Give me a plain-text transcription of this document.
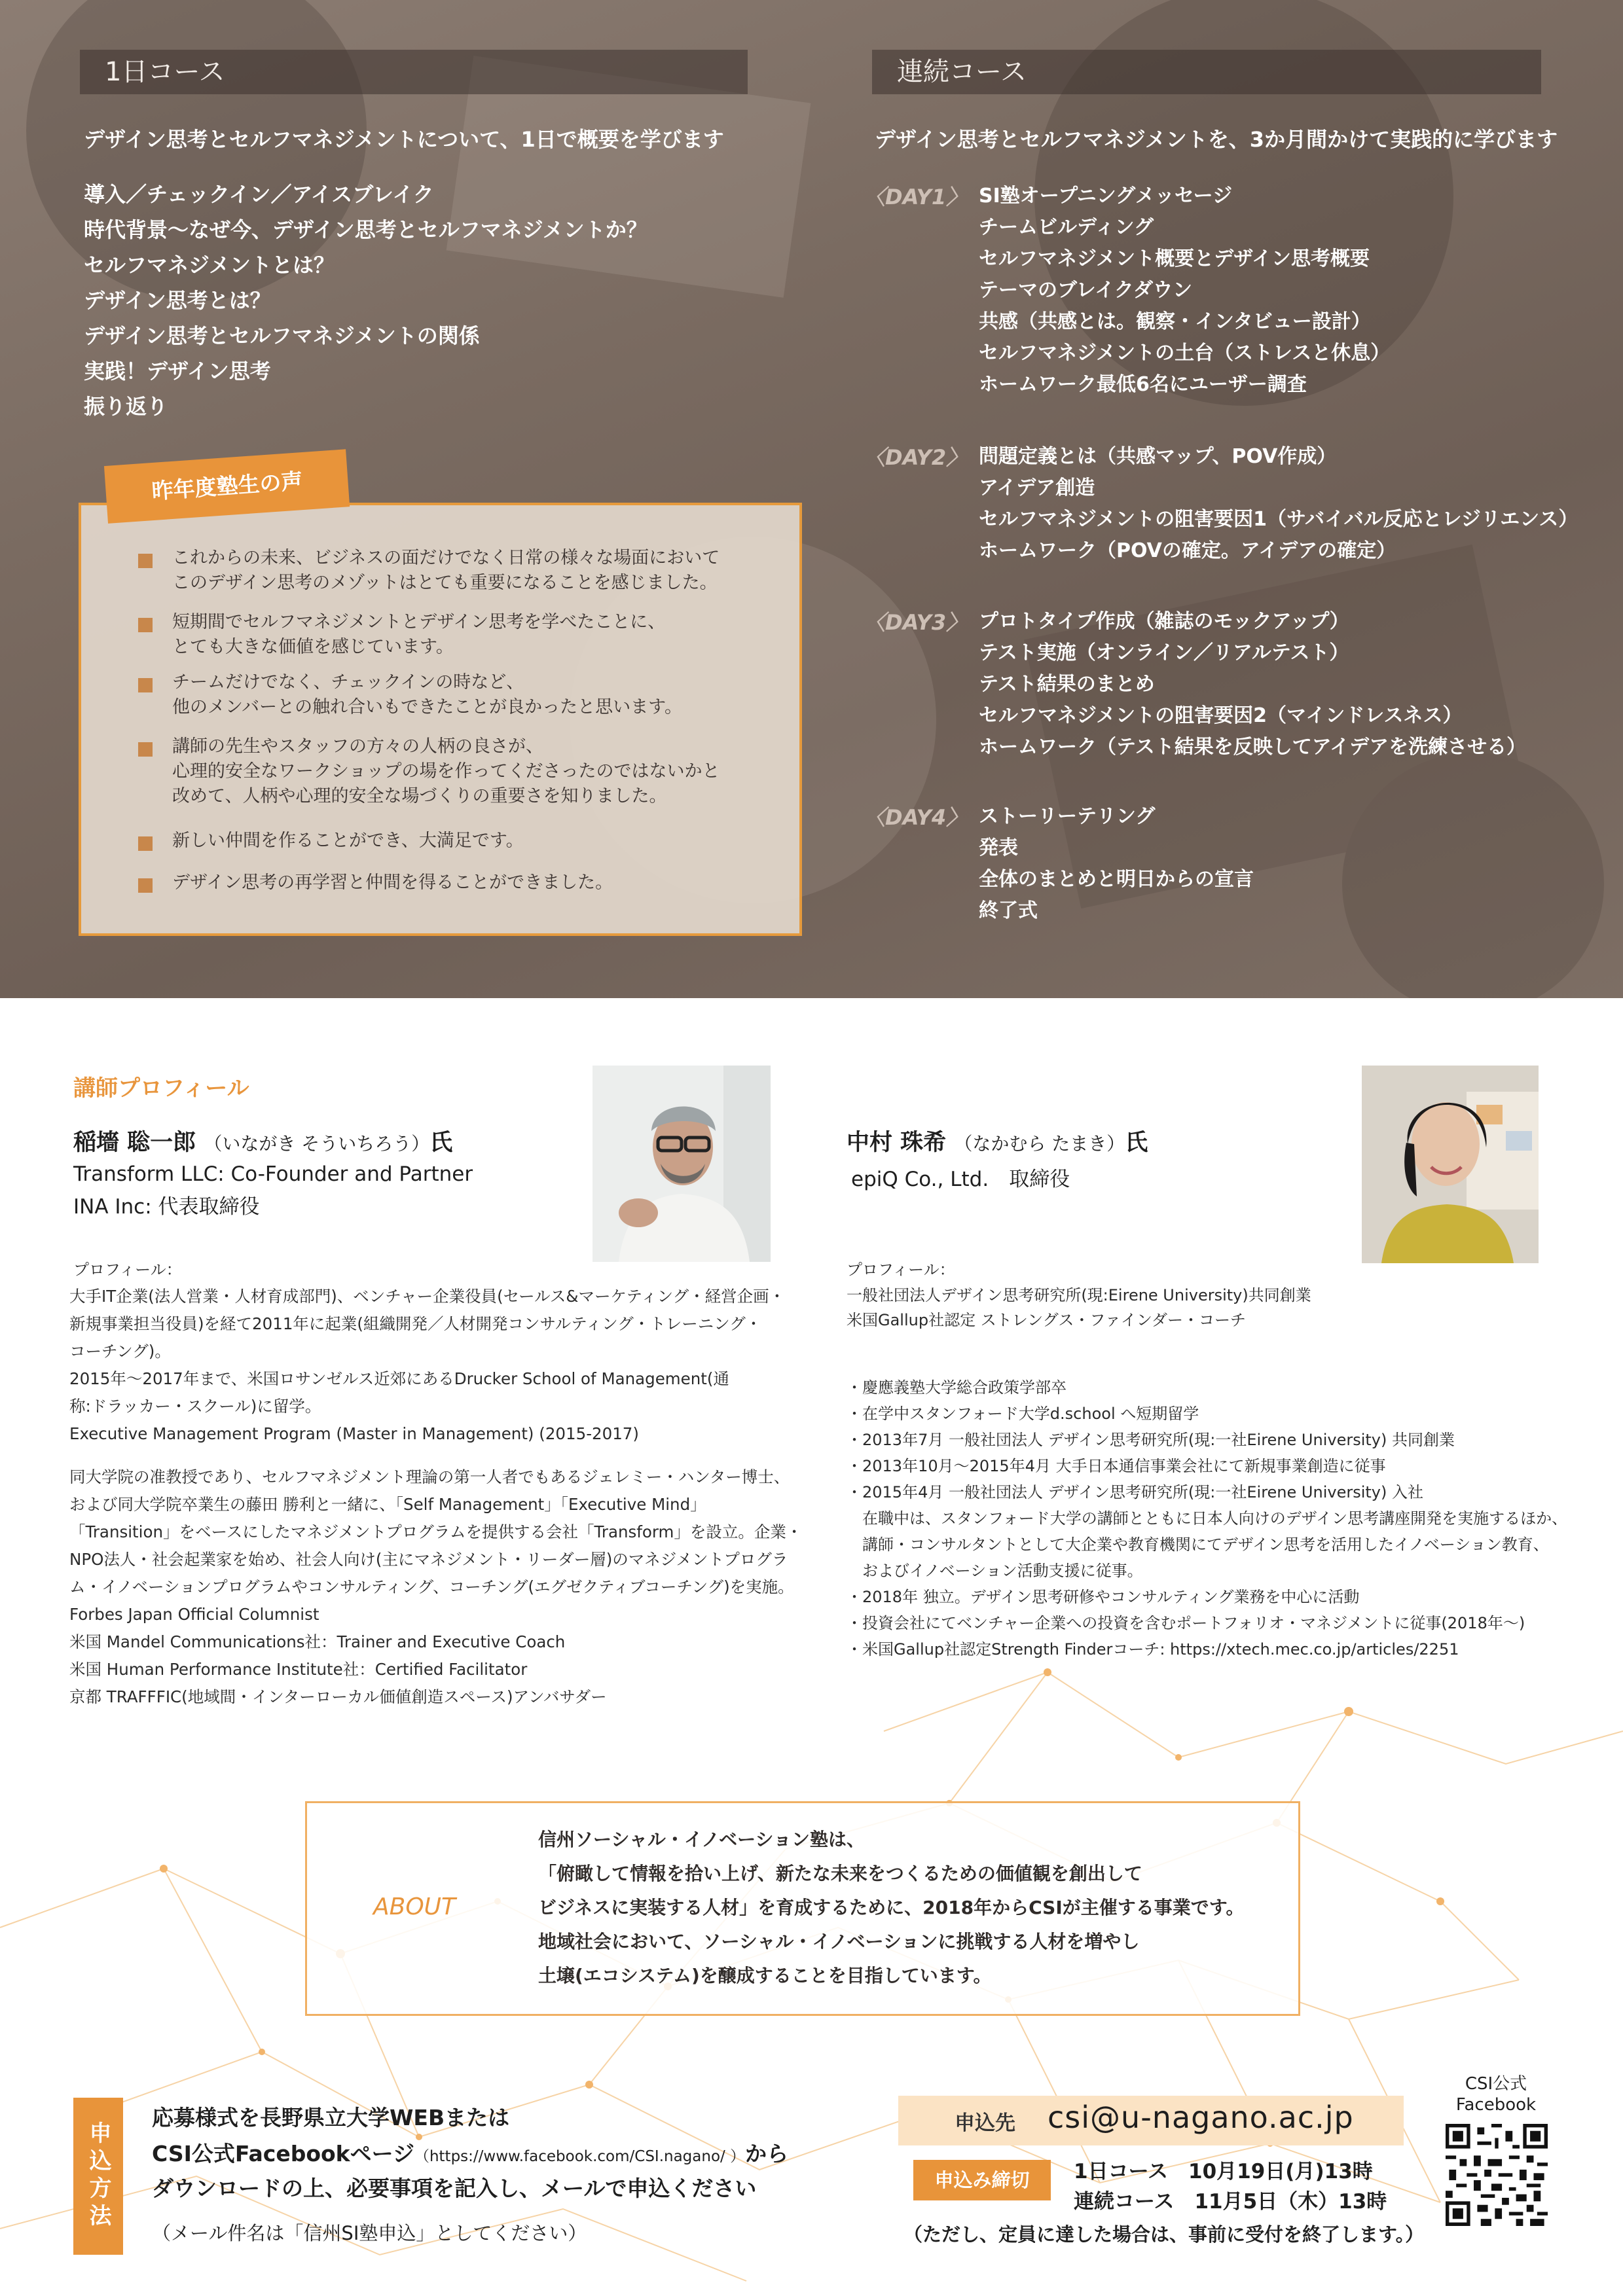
1日コース	連続コース
デザイン思考とセルフマネジメントについて、1日で概要を学びます	デザイン思考とセルフマネジメントを、3か月間かけて実践的に学びます
導入／チェックイン／アイスブレイク
時代背景〜なぜ今、デザイン思考とセルフマネジメントか？
セルフマネジメントとは？
デザイン思考とは？
デザイン思考とセルフマネジメントの関係
実践！デザイン思考
振り返り
これからの未来、ビジネスの面だけでなく日常の様々な場面において
このデザイン思考のメゾットはとても重要になることを感じました。
短期間でセルフマネジメントとデザイン思考を学べたことに、
とても大きな価値を感じています。
チームだけでなく、チェックインの時など、
他のメンバーとの触れ合いもできたことが良かったと思います。
講師の先生やスタッフの方々の人柄の良さが、
心理的安全なワークショップの場を作ってくださったのではないかと
改めて、人柄や心理的安全な場づくりの重要さを知りました。
新しい仲間を作ることができ、大満足です。
デザイン思考の再学習と仲間を得ることができました。
昨年度塾生の声
〈DAY1〉 SI塾オープニングメッセージ
チームビルディング
セルフマネジメント概要とデザイン思考概要
テーマのブレイクダウン
共感（共感とは。観察・インタビュー設計）
セルフマネジメントの土台（ストレスと休息）
ホームワーク最低6名にユーザー調査
〈DAY2〉 問題定義とは（共感マップ、POV作成）
アイデア創造
セルフマネジメントの阻害要因1（サバイバル反応とレジリエンス）
ホームワーク（POVの確定。アイデアの確定）
〈DAY3〉 プロトタイプ作成（雑誌のモックアップ）
テスト実施（オンライン／リアルテスト）
テスト結果のまとめ
セルフマネジメントの阻害要因2（マインドレスネス）
ホームワーク（テスト結果を反映してアイデアを洗練させる）
〈DAY4〉 ストーリーテリング
発表
全体のまとめと明日からの宣言
終了式
講師プロフィール
稲墻 聡一郎 （いながき そういちろう）氏
Transform LLC: Co-Founder and Partner
INA Inc: 代表取締役
プロフィール：
大手IT企業(法人営業・人材育成部門)、ベンチャー企業役員(セールス&マーケティング・経営企画・
新規事業担当役員)を経て2011年に起業(組織開発／人材開発コンサルティング・トレーニング・
コーチング)。
2015年〜2017年まで、米国ロサンゼルス近郊にあるDrucker School of Management(通
称:ドラッカー・スクール)に留学。
Executive Management Program (Master in Management) (2015-2017)
同大学院の准教授であり、セルフマネジメント理論の第一人者でもあるジェレミー・ハンター博士、
および同大学院卒業生の藤田 勝利と一緒に、「Self Management」「Executive Mind」
「Transition」をベースにしたマネジメントプログラムを提供する会社「Transform」を設立。企業・
NPO法人・社会起業家を始め、社会人向け(主にマネジメント・リーダー層)のマネジメントプログラ
ム・イノベーションプログラムやコンサルティング、コーチング(エグゼクティブコーチング)を実施。
Forbes Japan Official Columnist
米国 Mandel Communications社：Trainer and Executive Coach
米国 Human Performance Institute社：Certified Facilitator
京都 TRAFFFIC(地域間・インターローカル価値創造スペース)アンバサダー
中村 珠希 （なかむら たまき）氏
epiQ Co., Ltd.　取締役
プロフィール：
一般社団法人デザイン思考研究所(現:Eirene University)共同創業
米国Gallup社認定 ストレングス・ファインダー・コーチ
・慶應義塾大学総合政策学部卒
・在学中スタンフォード大学d.school へ短期留学
・2013年7月 一般社団法人 デザイン思考研究所(現:一社Eirene University) 共同創業
・2013年10月〜2015年4月 大手日本通信事業会社にて新規事業創造に従事
・2015年4月 一般社団法人 デザイン思考研究所(現:一社Eirene University) 入社
　在職中は、スタンフォード大学の講師とともに日本人向けのデザイン思考講座開発を実施するほか、
　講師・コンサルタントとして大企業や教育機関にてデザイン思考を活用したイノベーション教育、
　およびイノベーション活動支援に従事。
・2018年 独立。デザイン思考研修やコンサルティング業務を中心に活動
・投資会社にてベンチャー企業への投資を含むポートフォリオ・マネジメントに従事(2018年〜)
・米国Gallup社認定Strength Finderコーチ: https://xtech.mec.co.jp/articles/2251
ABOUT
信州ソーシャル・イノベーション塾は、
「俯瞰して情報を拾い上げ、新たな未来をつくるための価値観を創出して
ビジネスに実装する人材」を育成するために、2018年からCSIが主催する事業です。
地域社会において、ソーシャル・イノベーションに挑戦する人材を増やし
土壌(エコシステム)を醸成することを目指しています。
申込方法
応募様式を長野県立大学WEBまたは
CSI公式Facebookページ（https://www.facebook.com/CSI.nagano/ ）から
ダウンロードの上、必要事項を記入し、メールで申込ください
（メール件名は「信州SI塾申込」としてください）
申込先 csi@u-nagano.ac.jp
申込み締切	1日コース　10月19日(月)13時
連続コース　11月5日（木）13時
（ただし、定員に達した場合は、事前に受付を終了します。）
CSI公式
Facebook
